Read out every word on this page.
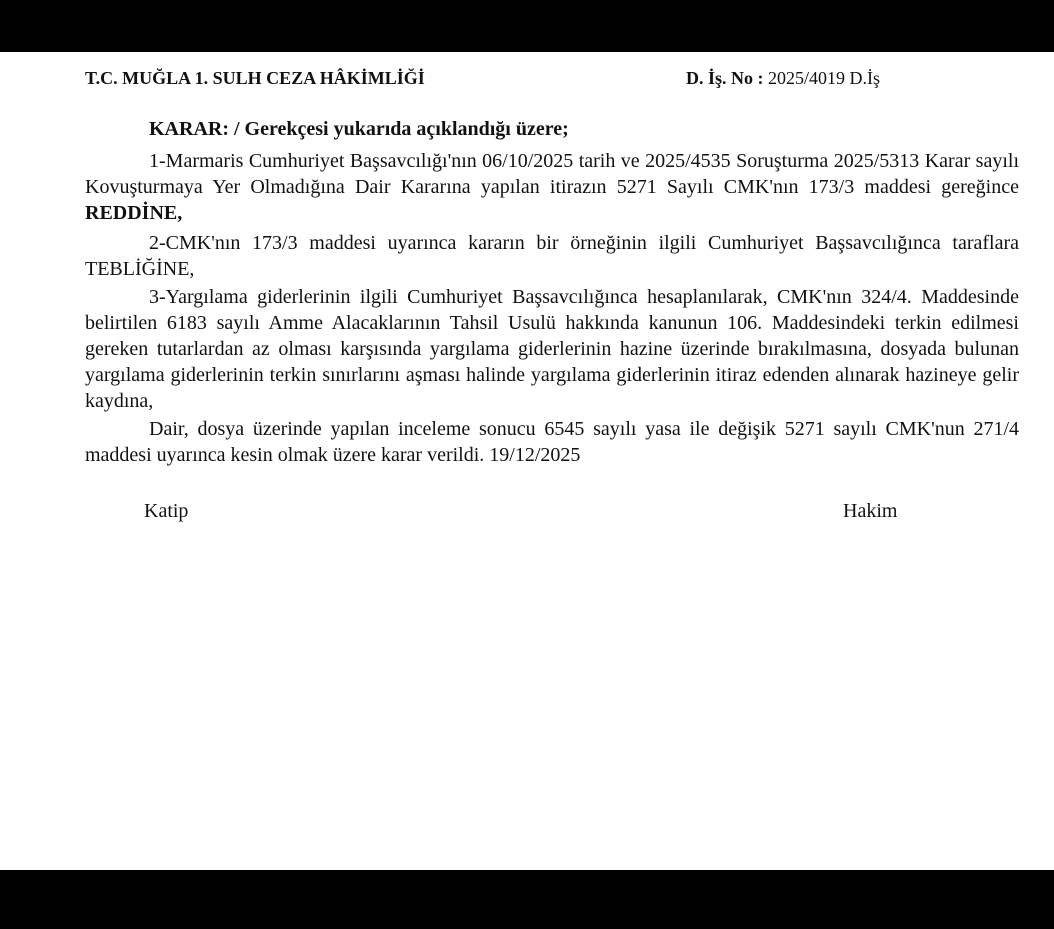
T.C. MUĞLA 1. SULH CEZA HÂKİMLİĞİ	D. İş. No : 2025/4019 D.İş
KARAR: / Gerekçesi yukarıda açıklandığı üzere;
1-Marmaris Cumhuriyet Başsavcılığı'nın 06/10/2025 tarih ve 2025/4535 Soruşturma 2025/5313 Karar sayılı Kovuşturmaya Yer Olmadığına Dair Kararına yapılan itirazın 5271 Sayılı CMK'nın 173/3 maddesi gereğince REDDİNE,
2-CMK'nın 173/3 maddesi uyarınca kararın bir örneğinin ilgili Cumhuriyet Başsavcılığınca taraflara TEBLİĞİNE,
3-Yargılama giderlerinin ilgili Cumhuriyet Başsavcılığınca hesaplanılarak, CMK'nın 324/4. Maddesinde belirtilen 6183 sayılı Amme Alacaklarının Tahsil Usulü hakkında kanunun 106. Maddesindeki terkin edilmesi gereken tutarlardan az olması karşısında yargılama giderlerinin hazine üzerinde bırakılmasına, dosyada bulunan yargılama giderlerinin terkin sınırlarını aşması halinde yargılama giderlerinin itiraz edenden alınarak hazineye gelir kaydına,
Dair, dosya üzerinde yapılan inceleme sonucu 6545 sayılı yasa ile değişik 5271 sayılı CMK'nun 271/4 maddesi uyarınca kesin olmak üzere karar verildi. 19/12/2025
Katip	Hakim
